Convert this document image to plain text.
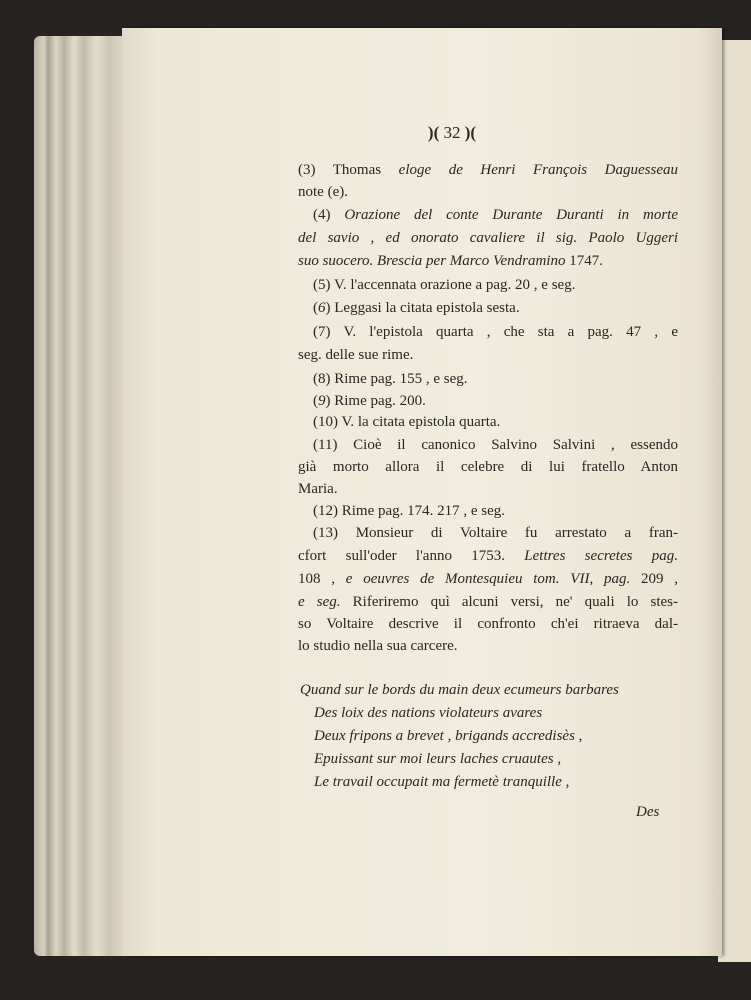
)( 32 )(
(3) Thomas eloge de Henri François Daguesseau
note (e).
(4) Orazione del conte Durante Duranti in morte
del savio , ed onorato cavaliere il sig. Paolo Uggeri
suo suocero. Brescia per Marco Vendramino 1747.
(5) V. l'accennata orazione a pag. 20 , e seg.
(6) Leggasi la citata epistola sesta.
(7) V. l'epistola quarta , che sta a pag. 47 , e
seg. delle sue rime.
(8) Rime pag. 155 , e seg.
(9) Rime pag. 200.
(10) V. la citata epistola quarta.
(11) Cioè il canonico Salvino Salvini , essendo
già morto allora il celebre di lui fratello Anton
Maria.
(12) Rime pag. 174. 217 , e seg.
(13) Monsieur di Voltaire fu arrestato a fran-
cfort sull'oder l'anno 1753. Lettres secretes pag.
108 , e oeuvres de Montesquieu tom. VII, pag. 209 ,
e seg. Riferiremo quì alcuni versi, ne' quali lo stes-
so Voltaire descrive il confronto ch'ei ritraeva dal-
lo studio nella sua carcere.
Quand sur le bords du main deux ecumeurs barbares
Des loix des nations violateurs avares
Deux fripons a brevet , brigands accredisès ,
Epuissant sur moi leurs laches cruautes ,
Le travail occupait ma fermetè tranquille ,
Des
